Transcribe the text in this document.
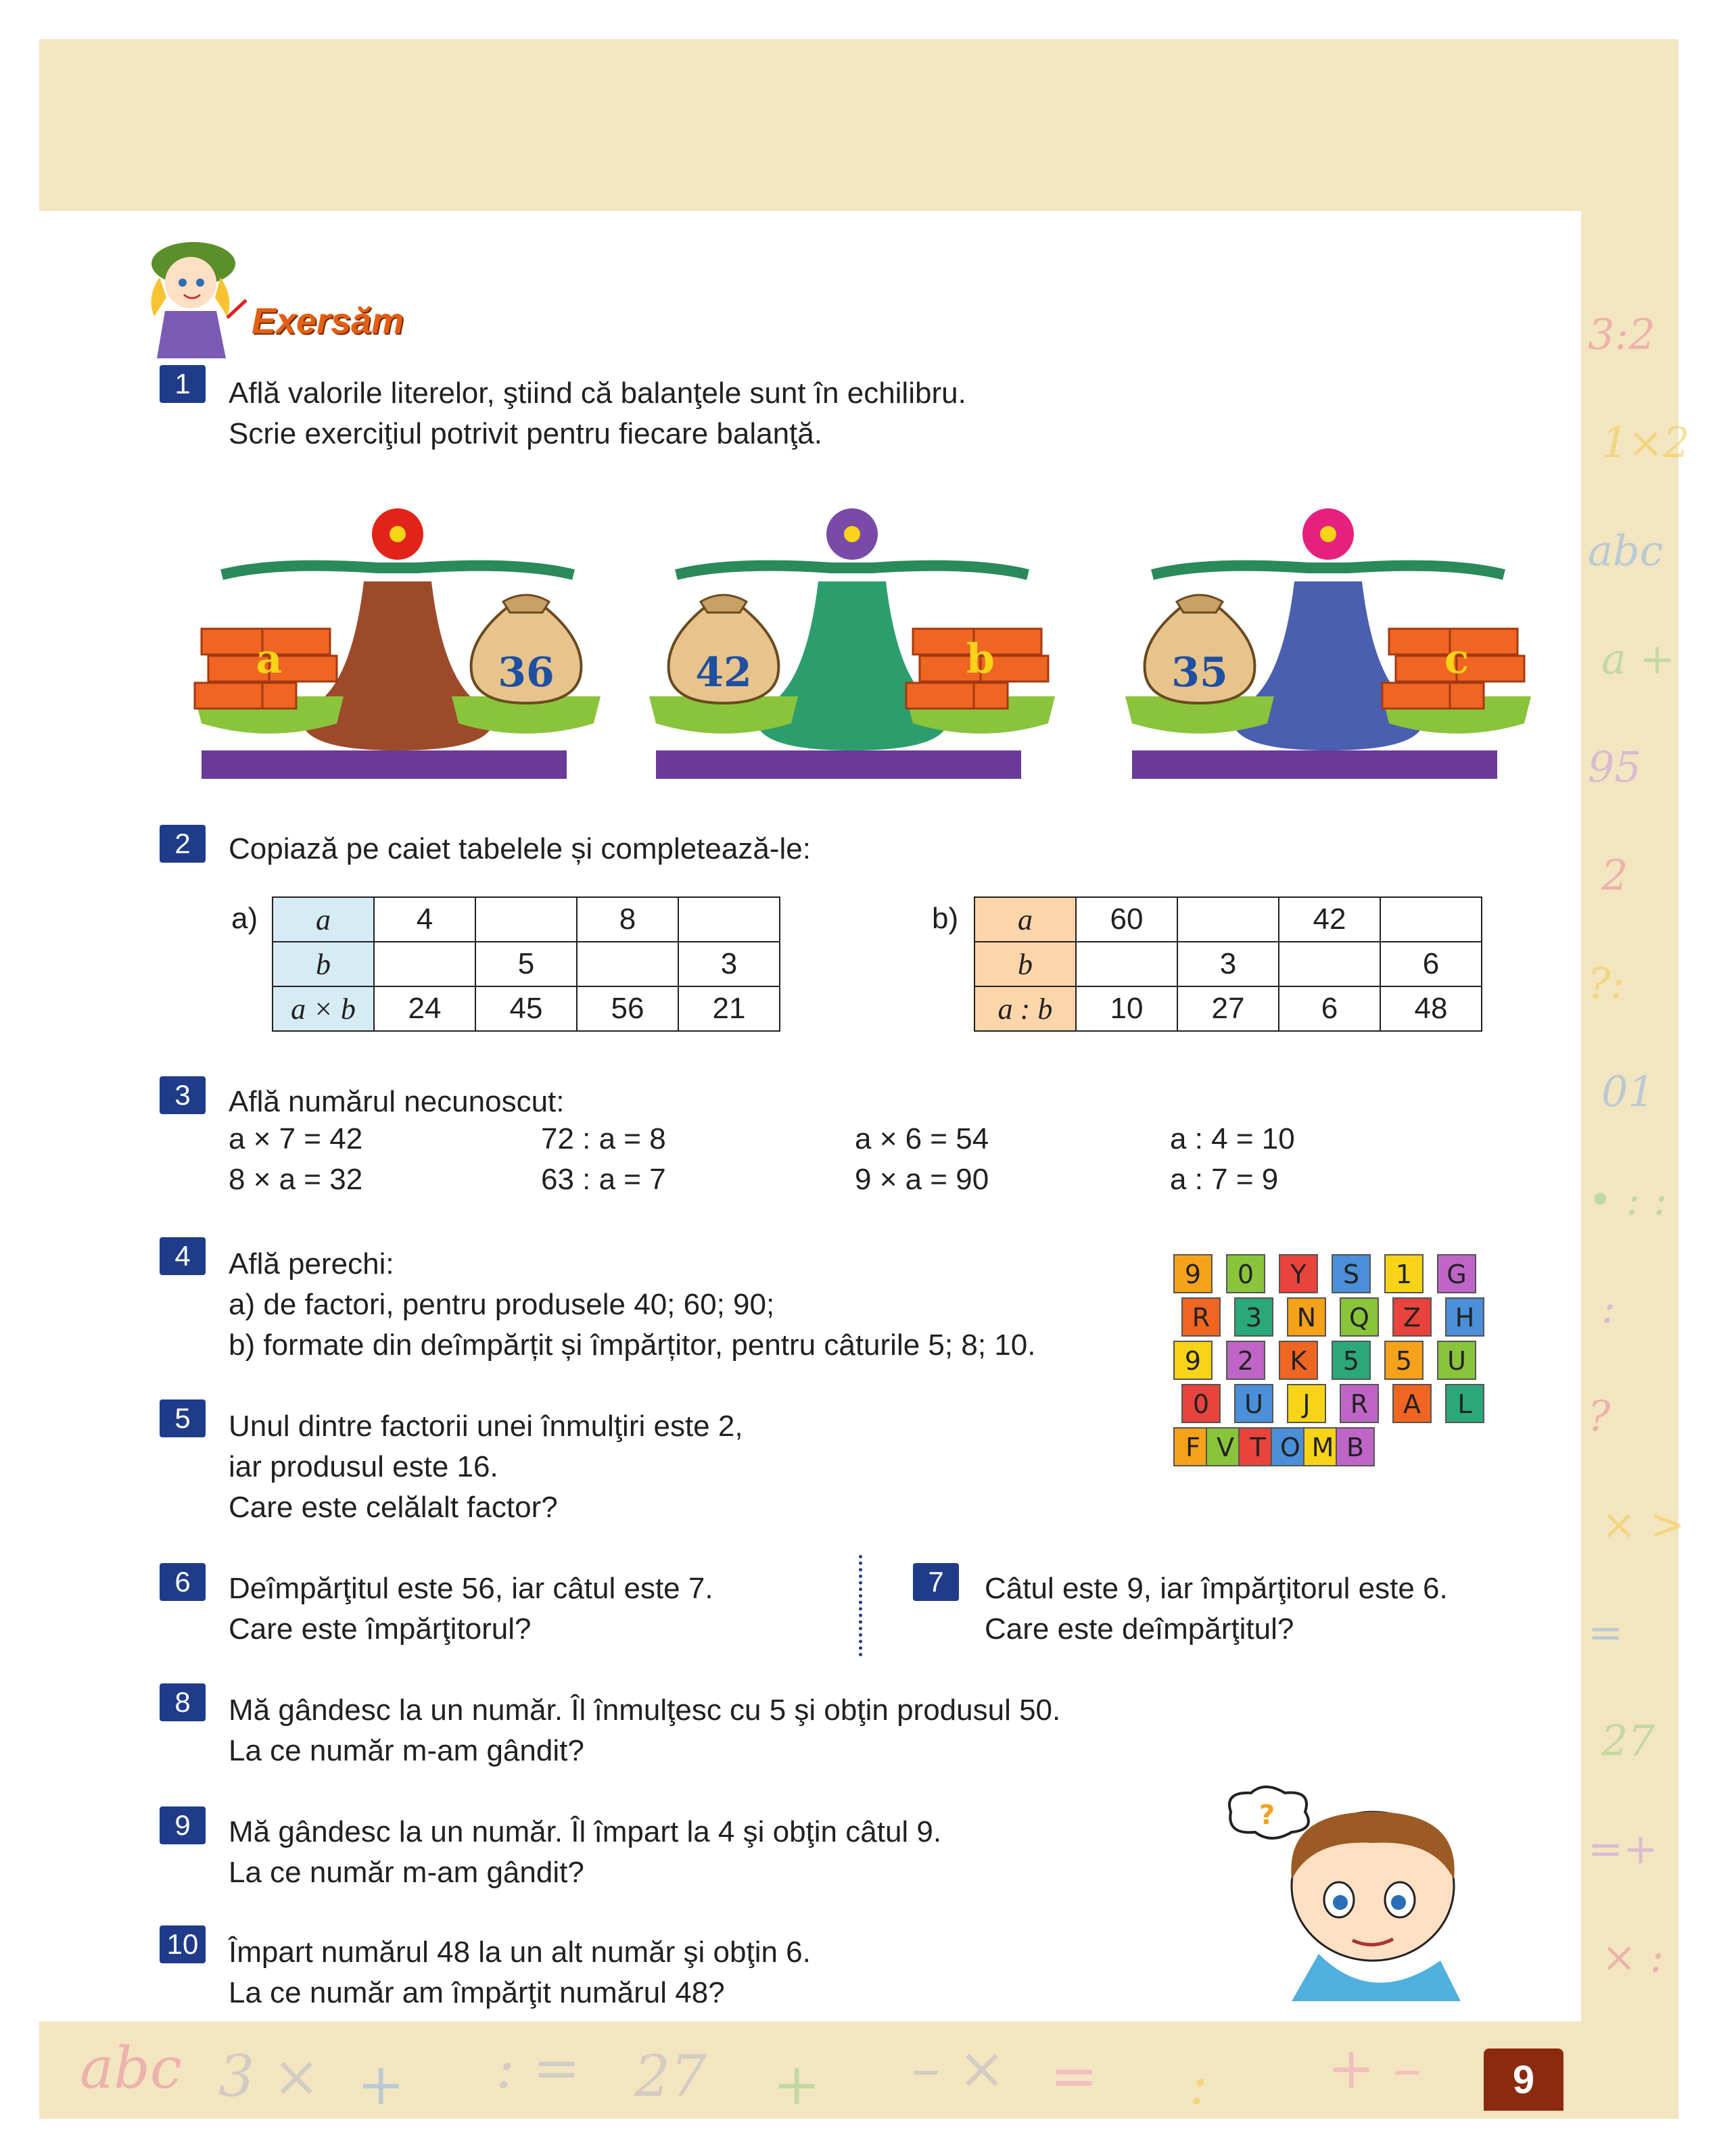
3:2
1×2
abc
a +
95
2
?:
01
• : :
:
?
× >
=
27
=+
× :
abc 3 × + : = 27 + – × = : + –	9
Exersăm
1	Află valorile literelor, ştiind că balanţele sunt în echilibru.
Scrie exerciţiul potrivit pentru fiecare balanţă.
a	36	42	b	35	c
2	Copiază pe caiet tabelele și completează-le:
a) a	4		8	
b		5		3
a × b	24	45	56	21
b) a	60		42	
b		3		6
a : b	10	27	6	48
3	Află numărul necunoscut:
a × 7 = 42	72 : a = 8	a × 6 = 54	a : 4 = 10
8 × a = 32	63 : a = 7	9 × a = 90	a : 7 = 9
4	Află perechi:
a) de factori, pentru produsele 40; 60; 90;
b) formate din deîmpărțit și împărțitor, pentru câturile 5; 8; 10.
9 0 Y S 1 G
R 3 N Q Z H
9 2 K 5 5 U
0 U J R A L
F V T O M B
5	Unul dintre factorii unei înmulţiri este 2,
iar produsul este 16.
Care este celălalt factor?
6	Deîmpărţitul este 56, iar câtul este 7.
Care este împărţitorul?
7	Câtul este 9, iar împărţitorul este 6.
Care este deîmpărţitul?
8	Mă gândesc la un număr. Îl înmulţesc cu 5 şi obţin produsul 50.
La ce număr m-am gândit?
9	Mă gândesc la un număr. Îl împart la 4 şi obţin câtul 9.
La ce număr m-am gândit?
10 Împart numărul 48 la un alt număr şi obţin 6.
La ce număr am împărţit numărul 48?
?
